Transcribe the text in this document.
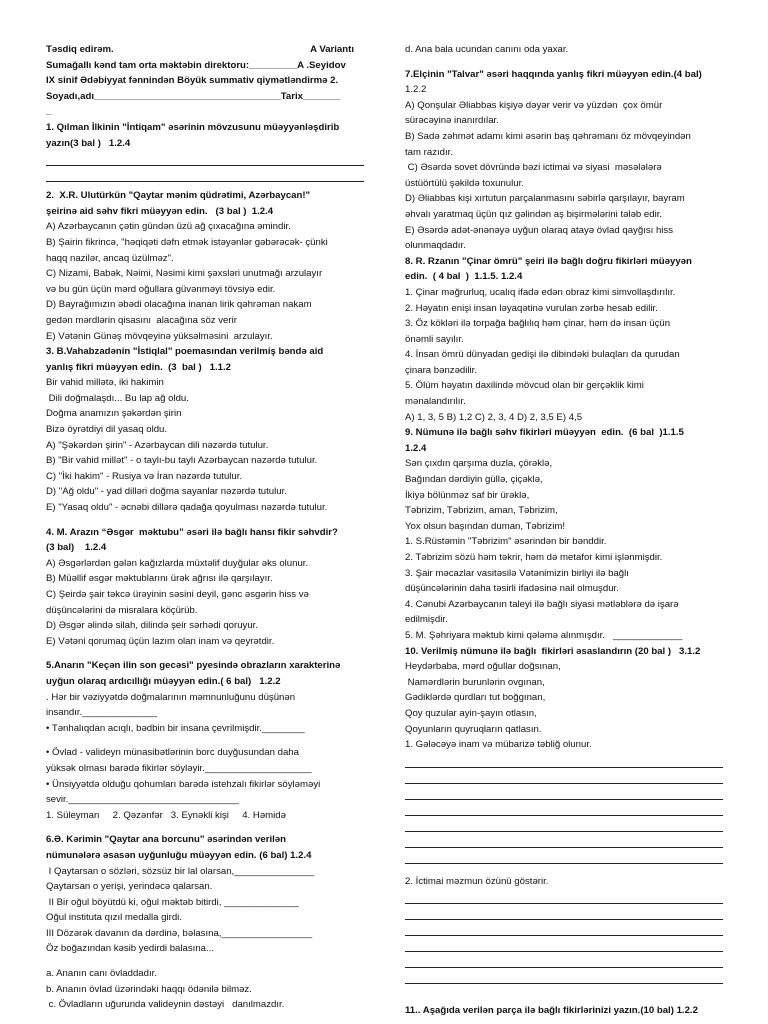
Təsdiq edirəm.	A Variantı
Sumağallı kənd tam orta məktəbin direktoru:_________A .Seyidov
IX sinif Ədəbiyyat fənnindən Böyük summativ qiymətləndirmə 2.
Soyadı,adı___________________________________Tarix_______
_
1. Qılman İlkinin "İntiqam" əsərinin mövzusunu müəyyənləşdirib
yazın(3 bal )   1.2.4
2.  X.R. Ulutürkün "Qaytar mənim qüdrətimi, Azərbaycan!"
şeirinə aid səhv fikri müəyyən edin.   (3 bal )  1.2.4
A) Azərbaycanın çətin gündən üzü ağ çıxacağına əmindir.
B) Şairin fikrincə, "həqiqəti dəfn etmək istəyənlər gəbərəcək- çünki
haqq nazilər, ancaq üzülməz".
C) Nizami, Babək, Nəimi, Nəsimi kimi şəxsləri unutmağı arzulayır
və bu gün üçün mərd oğullara güvənməyi tövsiyə edir.
D) Bayrağımızın əbədi olacağına inanan lirik qəhrəman nakam
gedən mərdlərin qisasını  alacağına söz verir
E) Vətənin Günəş mövqeyinə yüksəlməsini  arzulayır.
3. B.Vahabzadənin "İstiqlal" poemasından verilmiş bəndə aid
yanlış fikri müəyyən edin.  (3  bal )   1.1.2
Bir vahid millətə, iki hakimin
Dili doğmalaşdı... Bu lap ağ oldu.
Doğma anamızın şəkərdən şirin
Bizə öyrətdiyi dil yasaq oldu.
A) "Şəkərdən şirin" - Azərbaycan dili nəzərdə tutulur.
B) "Bir vahid millət" - o taylı-bu taylı Azərbaycan nəzərdə tutulur.
C) "İki hakim" - Rusiya və İran nəzərdə tutulur.
D) "Ağ oldu" - yad dilləri doğma sayanlar nəzərdə tutulur.
E) "Yasaq oldu" - əcnəbi dillərə qadağa qoyulması nəzərdə tutulur.
4. M. Arazın “Əsgər  məktubu” əsəri ilə bağlı hansı fikir səhvdir?
(3 bal)    1.2.4
A) Əsgərlərdən gələn kağızlarda müxtəlif duyğular əks olunur.
B) Müəllif əsgər məktublarını ürək ağrısı ilə qarşılayır.
C) Şeirdə şair təkcə ürəyinin səsini deyil, gənc əsgərin hiss və
düşüncələrini də misralara köçürüb.
D) Əsgər əlində silah, dilində şeir sərhədi qoruyur.
E) Vətəni qorumaq üçün lazım olan inam və qeyrətdir.
5.Anarın "Keçən ilin son gecəsi" pyesində obrazların xarakterinə
uyğun olaraq ardıcıllığı müəyyən edin.( 6 bal)   1.2.2
. Hər bir vəziyyətdə doğmalarının məmnunluğunu düşünən
insandır.______________
• Tənhalıqdan acıqlı, bədbin bir insana çevrilmişdir.________
• Övlad - valideyn münasibətlərinin borc duyğusundan daha
yüksək olması barədə fikirlər söyləyir.____________________
• Ünsiyyətdə olduğu qohumları barədə istehzalı fikirlər söyləməyi
sevir.________________________________
1. Süleyman     2. Qəzənfər   3. Eynəkli kişi     4. Həmidə
6.Ə. Kərimin "Qaytar ana borcunu" əsərindən verilən
nümunələrə əsasən uyğunluğu müəyyən edin. (6 bal) 1.2.4
I Qaytarsan o sözləri, sözsüz bir lal olarsan,_______________
Qaytarsan o yerişi, yerindəcə qalarsan.
II Bir oğul böyütdü ki, oğul məktəb bitirdi, ______________
Oğul instituta qızıl medalla girdi.
III Dözərək davanın da dərdinə, bəlasına,_________________
Öz boğazından kəsib yedirdi balasına...
a. Ananın canı övladdadır.
b. Ananın övlad üzərindəki haqqı ödənilə bilməz.
c. Övladların uğurunda valideynin dəstəyi   danılmazdır.
d. Ana bala ucundan canını oda yaxar.
7.Elçinin "Talvar" əsəri haqqında yanlış fikri müəyyən edin.(4 bal)
1.2.2
A) Qonşular Əliabbas kişiyə dəyər verir və yüzdən  çox ömür
sürəcəyinə inanırdılar.
B) Sadə zəhmət adamı kimi əsərin baş qəhrəmanı öz mövqeyindən
tam razıdır.
C) Əsərdə sovet dövründə bəzi ictimai və siyasi  məsələlərə
üstüörtülü şəkildə toxunulur.
D) Əliabbas kişi xırtutun parçalanmasını səbirlə qarşılayır, bayram
əhvalı yaratmaq üçün qız gəlindən aş bişirmələrini tələb edir.
E) Əsərdə adət-ənənəyə uyğun olaraq atayə övlad qayğısı hiss
olunmaqdadır.
8. R. Rzanın "Çinar ömrü" şeiri ilə bağlı doğru fikirləri müəyyən
edin.  ( 4 bal  )  1.1.5. 1.2.4
1. Çinar məğrurluq, ucalıq ifadə edən obraz kimi simvollaşdırılır.
2. Həyatın enişi insan ləyaqətinə vurulan zərbə hesab edilir.
3. Öz kökləri ilə torpağa bağlılıq həm çinar, həm də insan üçün
önəmli sayılır.
4. İnsan ömrü dünyadan gedişi ilə dibindəki bulaqları da qurudan
çinara bənzədilir.
5. Ölüm həyatın daxilində mövcud olan bir gerçəklik kimi
mənalandırılır.
A) 1, 3, 5 B) 1,2 C) 2, 3, 4 D) 2, 3,5 E) 4,5
9. Nümunə ilə bağlı səhv fikirləri müəyyən  edin.  (6 bal  )1.1.5
1.2.4
Sən çıxdın qarşıma duzla, çörəklə,
Bağından dərdiyin güllə, çiçəklə,
İkiyə bölünməz saf bir ürəklə,
Təbrizim, Təbrizim, aman, Təbrizim,
Yox olsun başından duman, Təbrizim!
1. S.Rüstəmin "Təbrizim" əsərindən bir bənddir.
2. Təbrizim sözü həm təkrir, həm də metafor kimi işlənmişdir.
3. Şair məcazlar vasitəsilə Vətənimizin birliyi ilə bağlı
düşüncələrinin daha təsirli ifadəsinə nail olmuşdur.
4. Cənubi Azərbaycanın taleyi ilə bağlı siyasi mətləblərə də işarə
edilmişdir.
5. M. Şəhriyara məktub kimi qələmə alınmışdır.   _____________
10. Verilmiş nümunə ilə bağlı  fikirləri əsaslandırın (20 bal )   3.1.2
Heydərbaba, mərd oğullar doğsınan,
Namərdlərin burunlərin ovgınan,
Gədiklərdə qurdları tut boğgınan,
Qoy quzular ayin-şayın otlasın,
Qoyunların quyruqların qatlasın.
1. Gələcəyə inam və mübarizə təbliğ olunur.
2. İctimai məzmun özünü göstərir.
11.. Aşağıda verilən parça ilə bağlı fikirlərinizi yazın.(10 bal) 1.2.2
